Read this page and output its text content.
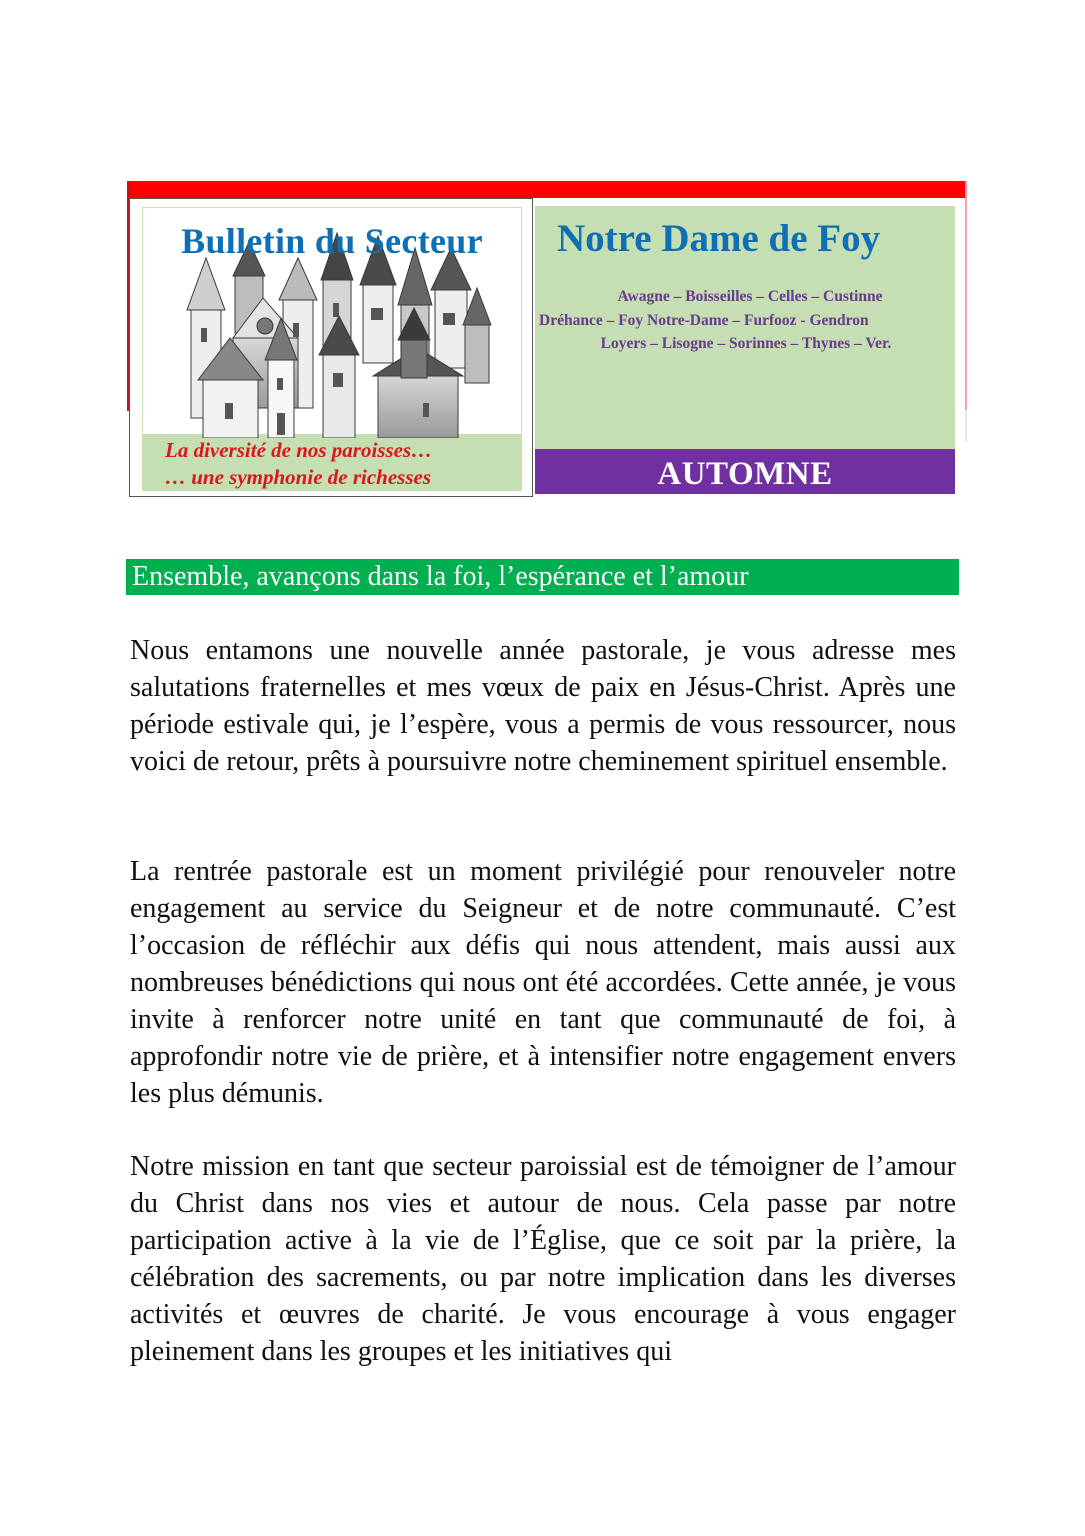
Bulletin du Secteur
La diversité de nos paroisses…
… une symphonie de richesses
Notre Dame de Foy
Awagne – Boisseilles – Celles – Custinne
Dréhance – Foy Notre-Dame – Furfooz - Gendron
Loyers – Lisogne – Sorinnes – Thynes – Ver.
AUTOMNE
Ensemble, avançons dans la foi, l’espérance et l’amour

Nous entamons une nouvelle année pastorale, je vous adresse mes salutations fraternelles et mes vœux de paix en Jésus-Christ. Après une période estivale qui, je l’espère, vous a permis de vous ressourcer, nous voici de retour, prêts à poursuivre notre cheminement spirituel ensemble.

La rentrée pastorale est un moment privilégié pour renouveler notre engagement au service du Seigneur et de notre communauté. C’est l’occasion de réfléchir aux défis qui nous attendent, mais aussi aux nombreuses bénédictions qui nous ont été accordées. Cette année, je vous invite à renforcer notre unité en tant que communauté de foi, à approfondir notre vie de prière, et à intensifier notre engagement envers les plus démunis.

Notre mission en tant que secteur paroissial est de témoigner de l’amour du Christ dans nos vies et autour de nous. Cela passe par notre participation active à la vie de l’Église, que ce soit par la prière, la célébration des sacrements, ou par notre implication dans les diverses activités et œuvres de charité. Je vous encourage à vous engager pleinement dans les groupes et les initiatives qui
